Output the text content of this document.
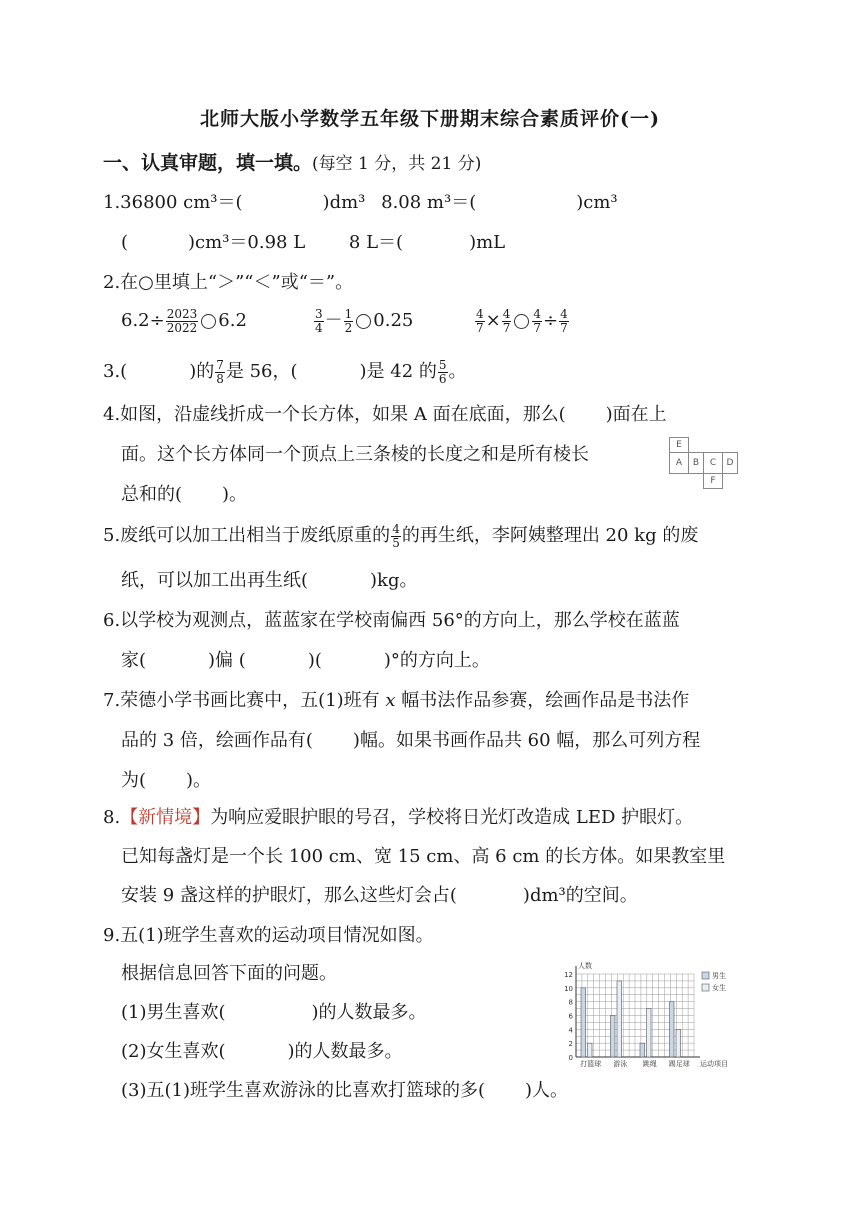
北师大版小学数学五年级下册期末综合素质评价(一)
一、认真审题，填一填。(每空 1 分，共 21 分)
1.36800 cm³＝(	)dm³ 8.08 m³＝(	)cm³
(	)cm³＝0.98 L 8 L＝(	)mL
2.在○里填上“＞”“＜”或“＝”。
$6.2\div \frac{2023}{2022} 6.2$	$\frac{3}{4} - \frac{1}{2} 0.25$	$\frac{4}{7} \times \frac{4}{7} \frac{4}{7} \div \frac{4}{7}$
3.(	)的 $\frac{7}{8}$ 是 56，(	)是 42 的 $\frac{5}{6}$ 。
4.如图，沿虚线折成一个长方体，如果 A 面在底面，那么( )面在上
面。这个长方体同一个顶点上三条棱的长度之和是所有棱长
总和的( )。
E
A	B	C	D
F
5.废纸可以加工出相当于废纸原重的 $\frac{4}{5}$ 的再生纸，李阿姨整理出 20 kg 的废
纸，可以加工出再生纸(	)kg。
6.以学校为观测点，蓝蓝家在学校南偏西 56°的方向上，那么学校在蓝蓝
家(	)偏 (	)(	)°的方向上。
7.荣德小学书画比赛中，五(1)班有 x 幅书法作品参赛，绘画作品是书法作
品的 3 倍，绘画作品有( )幅。如果书画作品共 60 幅，那么可列方程
为( )。
8.【新情境】为响应爱眼护眼的号召，学校将日光灯改造成 LED 护眼灯。
已知每盏灯是一个长 100 cm、宽 15 cm、高 6 cm 的长方体。如果教室里
安装 9 盏这样的护眼灯，那么这些灯会占(	)dm³的空间。
9.五(1)班学生喜欢的运动项目情况如图。
根据信息回答下面的问题。
(1)男生喜欢(	)的人数最多。
(2)女生喜欢(	)的人数最多。
(3)五(1)班学生喜欢游泳的比喜欢打篮球的多( )人。
0
2
4
6
8
10
12
人数
打篮球 游泳 跳绳 踢足球 运动项目
男生
女生
